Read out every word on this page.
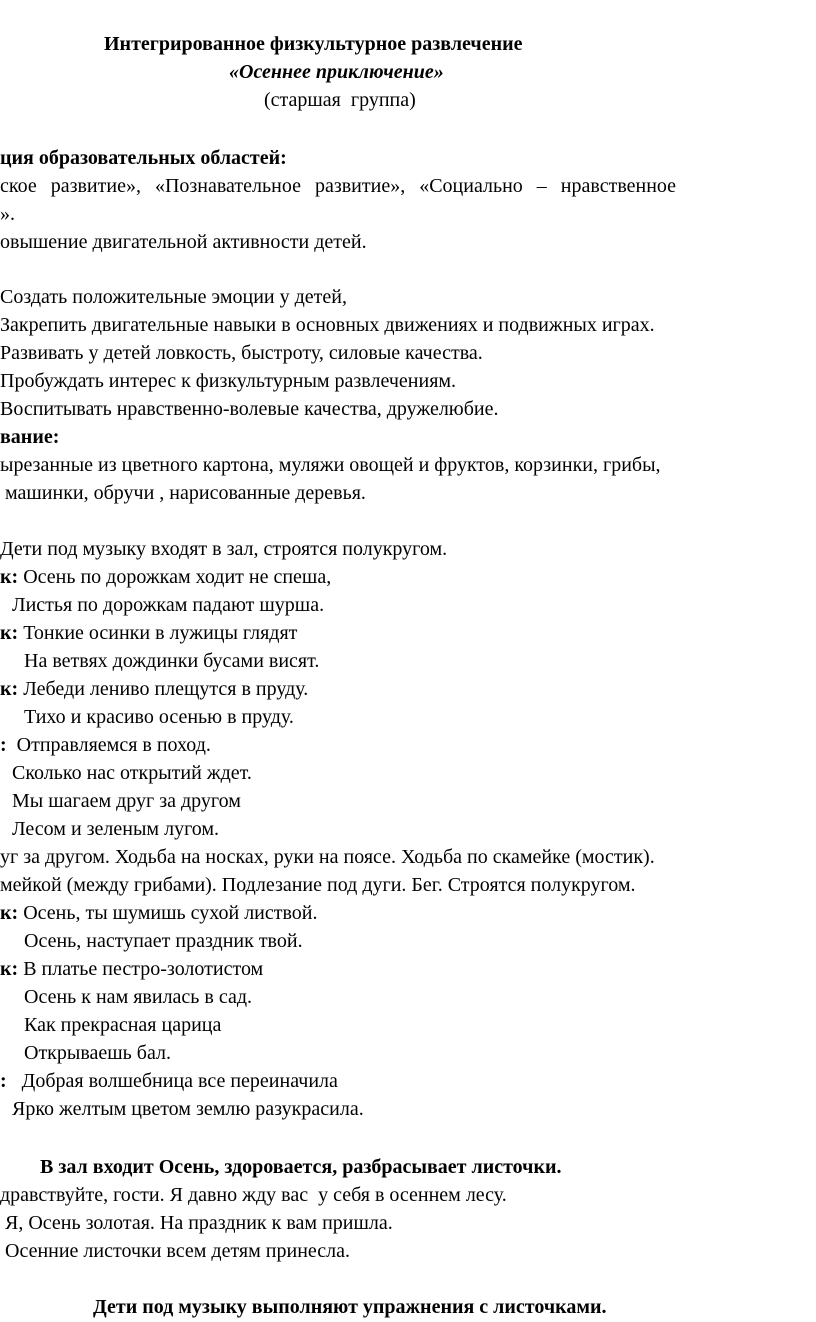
Интегрированное физкультурное развлечение
«Осеннее приключение»
(старшая  группа)
ция образовательных областей:
ское  развитие»,  «Познавательное  развитие»,  «Социально  –  нравственное
».
овышение двигательной активности детей.
Создать положительные эмоции у детей,
Закрепить двигательные навыки в основных движениях и подвижных играх.
Развивать у детей ловкость, быстроту, силовые качества.
Пробуждать интерес к физкультурным развлечениям.
Воспитывать нравственно-волевые качества, дружелюбие.
вание:
ырезанные из цветного картона, муляжи овощей и фруктов, корзинки, грибы,
машинки, обручи , нарисованные деревья.
Дети под музыку входят в зал, строятся полукругом.
к: Осень по дорожкам ходит не спеша,
Листья по дорожкам падают шурша.
к: Тонкие осинки в лужицы глядят
На ветвях дождинки бусами висят.
к: Лебеди лениво плещутся в пруду.
Тихо и красиво осенью в пруду.
:  Отправляемся в поход.
Сколько нас открытий ждет.
Мы шагаем друг за другом
Лесом и зеленым лугом.
уг за другом. Ходьба на носках, руки на поясе. Ходьба по скамейке (мостик).
мейкой (между грибами). Подлезание под дуги. Бег. Строятся полукругом.
к: Осень, ты шумишь сухой листвой.
Осень, наступает праздник твой.
к: В платье пестро-золотистом
Осень к нам явилась в сад.
Как прекрасная царица
Открываешь бал.
:   Добрая волшебница все переиначила
Ярко желтым цветом землю разукрасила.
В зал входит Осень, здоровается, разбрасывает листочки.
дравствуйте, гости. Я давно жду вас  у себя в осеннем лесу.
Я, Осень золотая. На праздник к вам пришла.
Осенние листочки всем детям принесла.
Дети под музыку выполняют упражнения с листочками.
